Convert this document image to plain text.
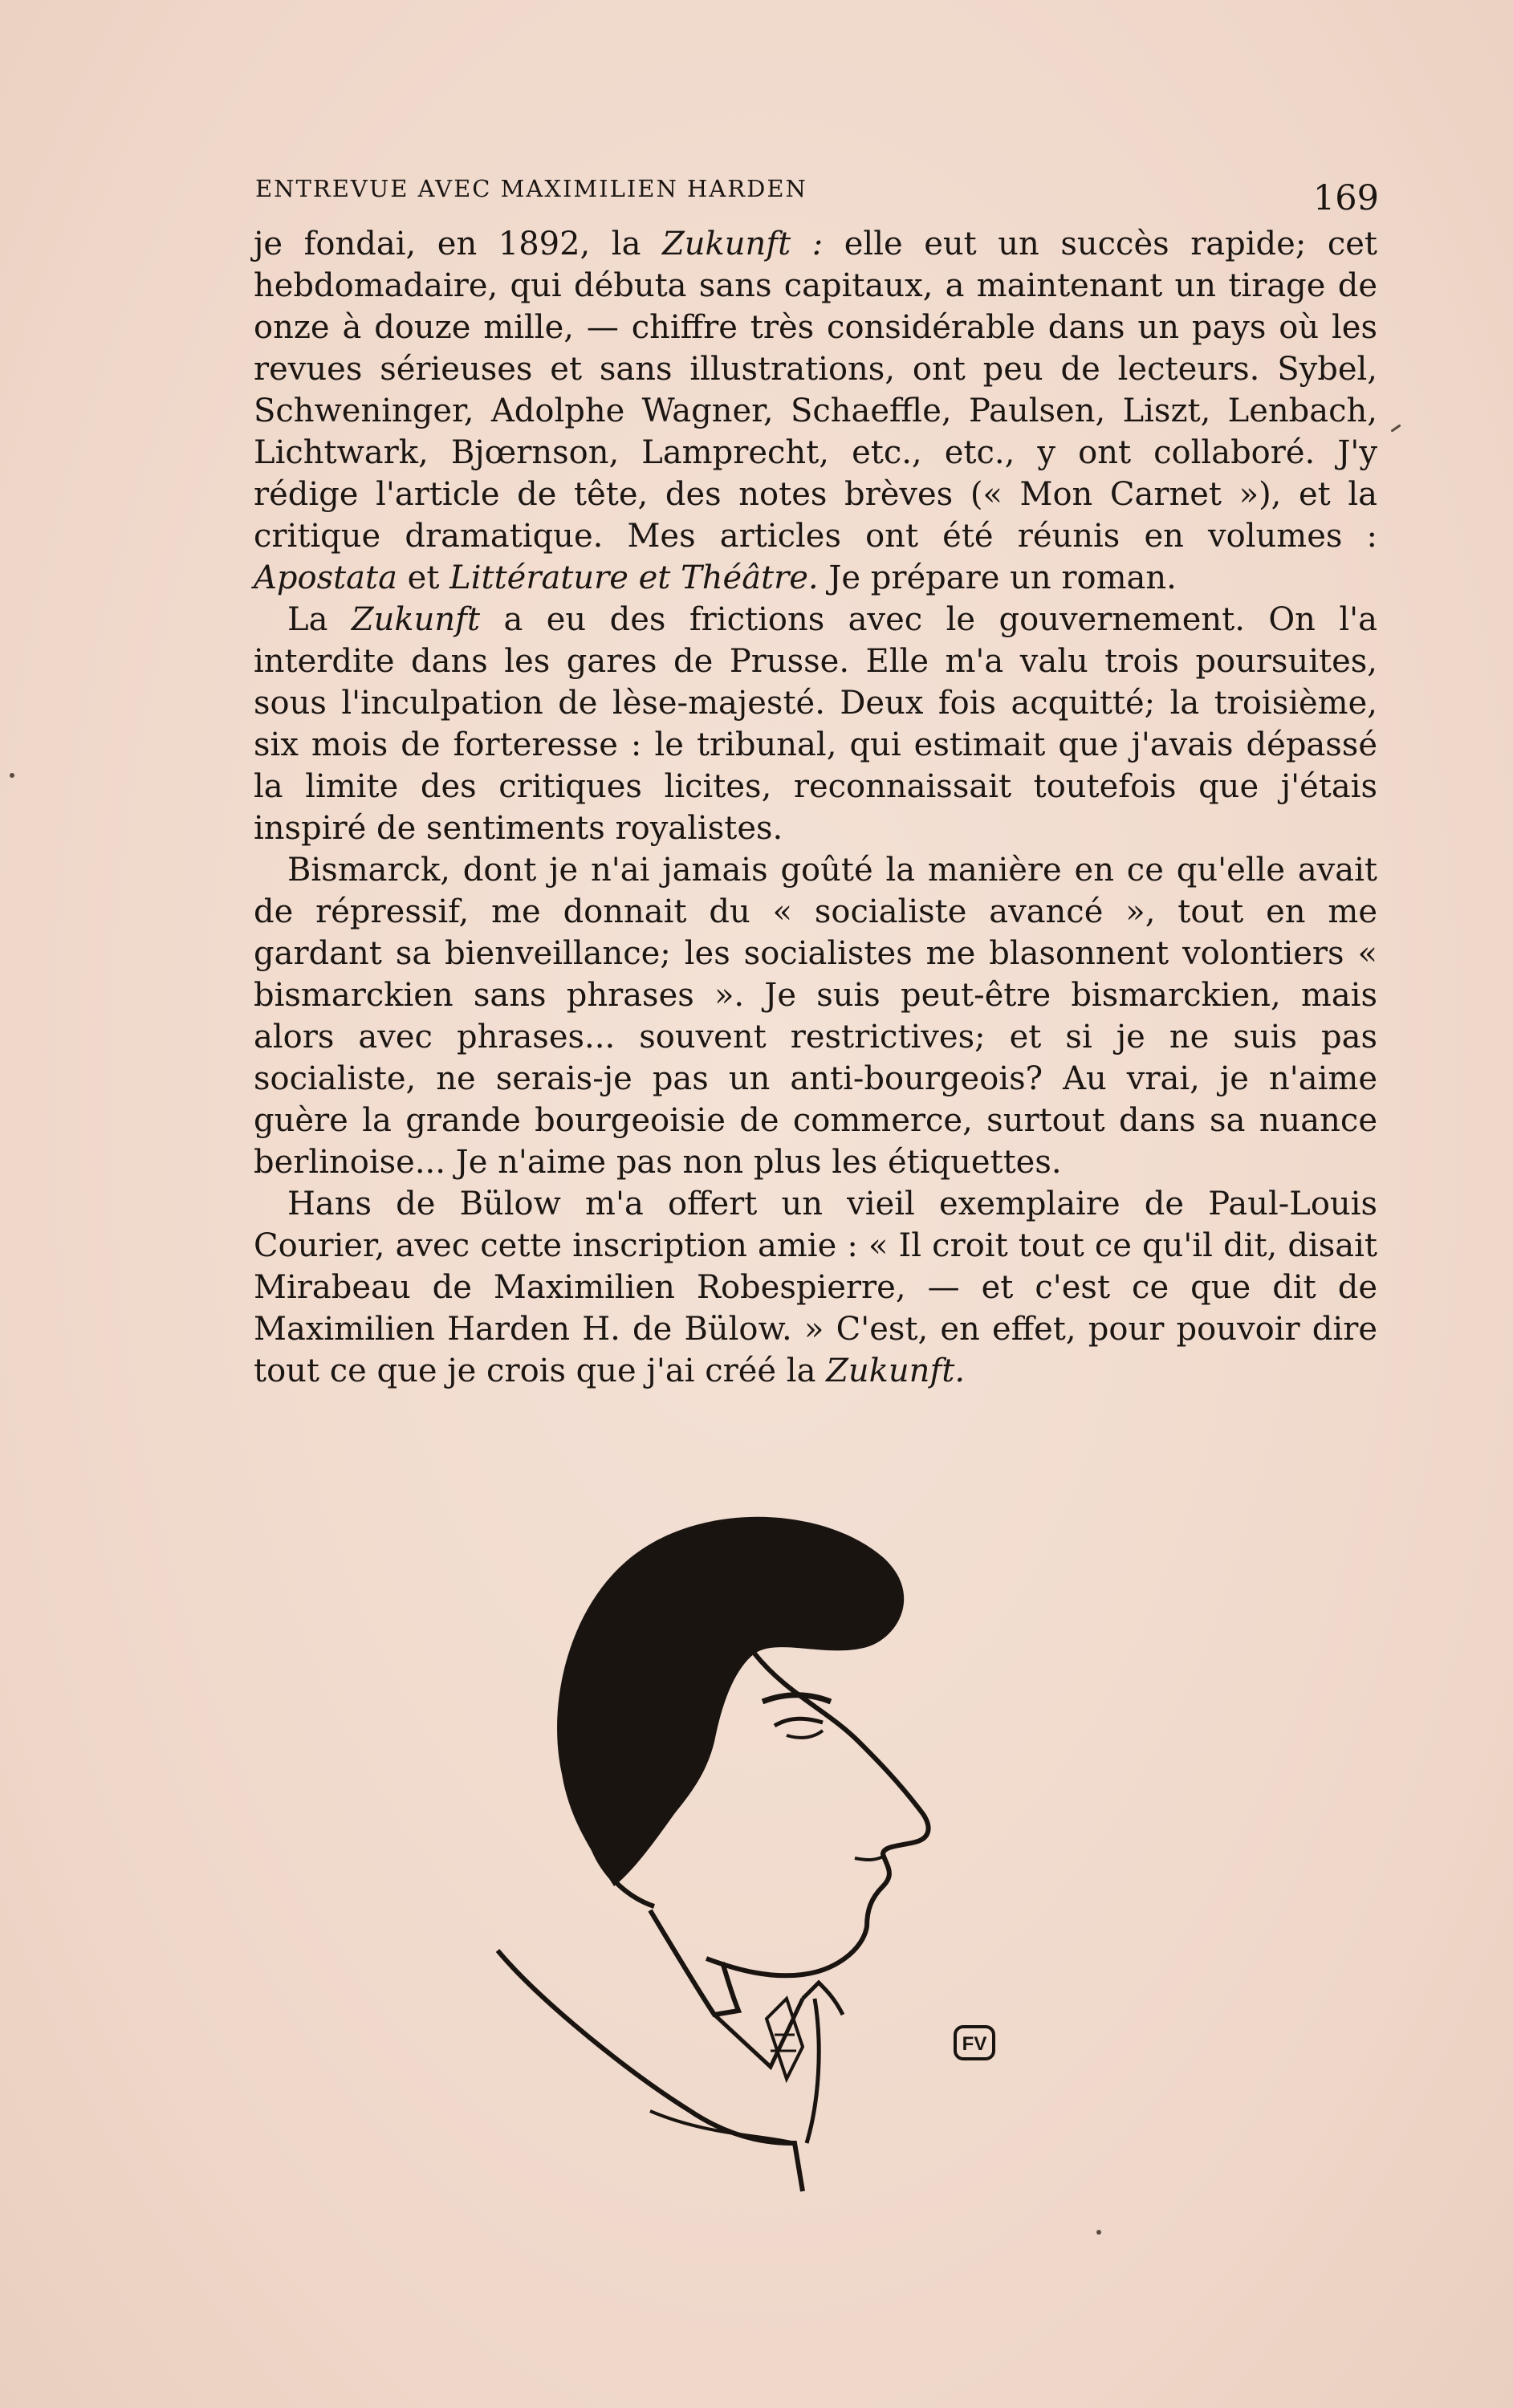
ENTREVUE AVEC MAXIMILIEN HARDEN	169

je fondai, en 1892, la Zukunft : elle eut un succès rapide; cet hebdomadaire, qui débuta sans capitaux, a maintenant un tirage de onze à douze mille, — chiffre très considérable dans un pays où les revues sérieuses et sans illustrations, ont peu de lecteurs. Sybel, Schweninger, Adolphe Wagner, Schaeffle, Paulsen, Liszt, Lenbach, Lichtwark, Bjœrnson, Lamprecht, etc., etc., y ont collaboré. J'y rédige l'article de tête, des notes brèves (« Mon Carnet »), et la critique dramatique. Mes articles ont été réunis en volumes : Apostata et Littérature et Théâtre. Je prépare un roman.

La Zukunft a eu des frictions avec le gouvernement. On l'a interdite dans les gares de Prusse. Elle m'a valu trois poursuites, sous l'inculpation de lèse-majesté. Deux fois acquitté; la troisième, six mois de forteresse : le tribunal, qui estimait que j'avais dépassé la limite des critiques licites, reconnaissait toutefois que j'étais inspiré de sentiments royalistes.

Bismarck, dont je n'ai jamais goûté la manière en ce qu'elle avait de répressif, me donnait du « socialiste avancé », tout en me gardant sa bienveillance; les socialistes me blasonnent volontiers « bismarckien sans phrases ». Je suis peut-être bismarckien, mais alors avec phrases... souvent restrictives; et si je ne suis pas socialiste, ne serais-je pas un anti-bourgeois? Au vrai, je n'aime guère la grande bourgeoisie de commerce, surtout dans sa nuance berlinoise... Je n'aime pas non plus les étiquettes.

Hans de Bülow m'a offert un vieil exemplaire de Paul-Louis Courier, avec cette inscription amie : « Il croit tout ce qu'il dit, disait Mirabeau de Maximilien Robespierre, — et c'est ce que dit de Maximilien Harden H. de Bülow. » C'est, en effet, pour pouvoir dire tout ce que je crois que j'ai créé la Zukunft.

FV
